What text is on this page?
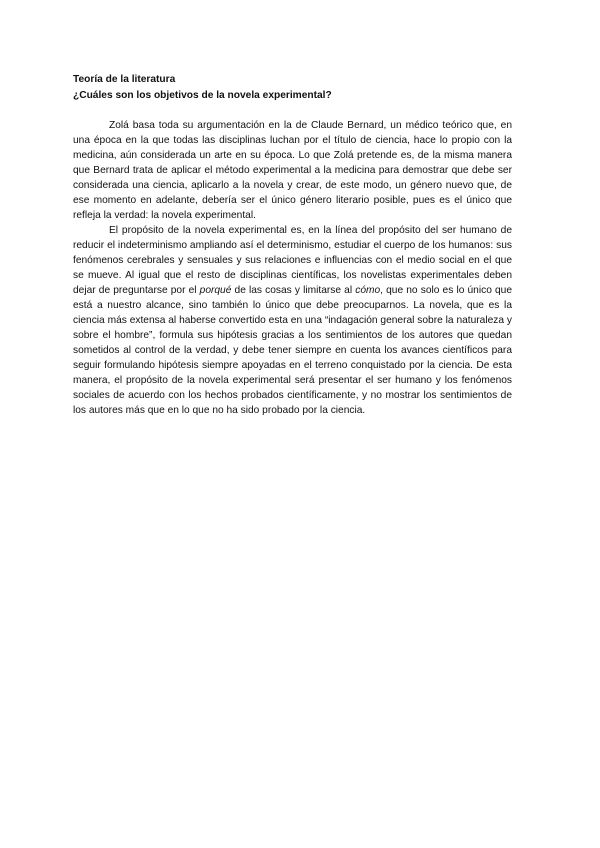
Teoría de la literatura
¿Cuáles son los objetivos de la novela experimental?

Zolá basa toda su argumentación en la de Claude Bernard, un médico teórico que, en una época en la que todas las disciplinas luchan por el título de ciencia, hace lo propio con la medicina, aún considerada un arte en su época. Lo que Zolá pretende es, de la misma manera que Bernard trata de aplicar el método experimental a la medicina para demostrar que debe ser considerada una ciencia, aplicarlo a la novela y crear, de este modo, un género nuevo que, de ese momento en adelante, debería ser el único género literario posible, pues es el único que refleja la verdad: la novela experimental.

El propósito de la novela experimental es, en la línea del propósito del ser humano de reducir el indeterminismo ampliando así el determinismo, estudiar el cuerpo de los humanos: sus fenómenos cerebrales y sensuales y sus relaciones e influencias con el medio social en el que se mueve. Al igual que el resto de disciplinas científicas, los novelistas experimentales deben dejar de preguntarse por el porqué de las cosas y limitarse al cómo, que no solo es lo único que está a nuestro alcance, sino también lo único que debe preocuparnos. La novela, que es la ciencia más extensa al haberse convertido esta en una “indagación general sobre la naturaleza y sobre el hombre”, formula sus hipótesis gracias a los sentimientos de los autores que quedan sometidos al control de la verdad, y debe tener siempre en cuenta los avances científicos para seguir formulando hipótesis siempre apoyadas en el terreno conquistado por la ciencia. De esta manera, el propósito de la novela experimental será presentar el ser humano y los fenómenos sociales de acuerdo con los hechos probados científicamente, y no mostrar los sentimientos de los autores más que en lo que no ha sido probado por la ciencia.
